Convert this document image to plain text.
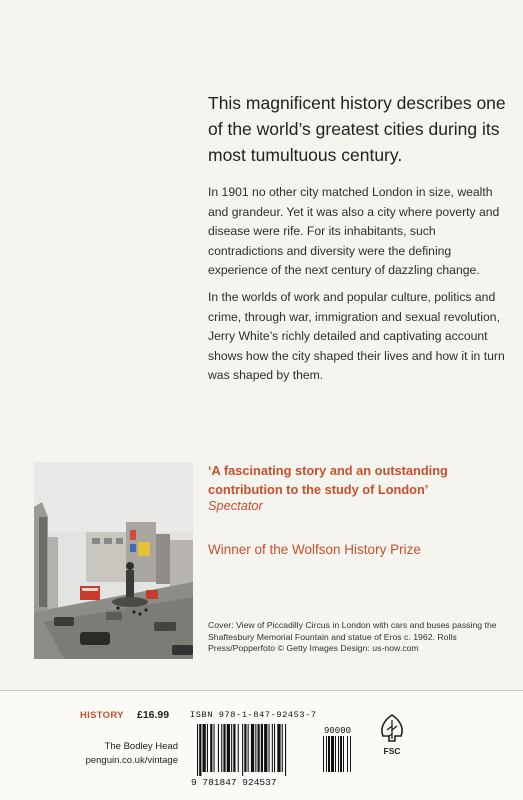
This magnificent history describes one of the world’s greatest cities during its most tumultuous century.
In 1901 no other city matched London in size, wealth and grandeur. Yet it was also a city where poverty and disease were rife. For its inhabitants, such contradictions and diversity were the defining experience of the next century of dazzling change.
In the worlds of work and popular culture, politics and crime, through war, immigration and sexual revolution, Jerry White’s richly detailed and captivating account shows how the city shaped their lives and how it in turn was shaped by them.
‘A fascinating story and an outstanding contribution to the study of London’
Spectator
Winner of the Wolfson History Prize
Cover: View of Piccadilly Circus in London with cars and buses passing the Shaftesbury Memorial Fountain and statue of Eros c. 1962. Rolls Press/Popperfoto © Getty Images Design: us-now.com
HISTORY £16.99
The Bodley Head
penguin.co.uk/vintage
ISBN 978-1-847-92453-7
9 781847 924537
90000
FSC
